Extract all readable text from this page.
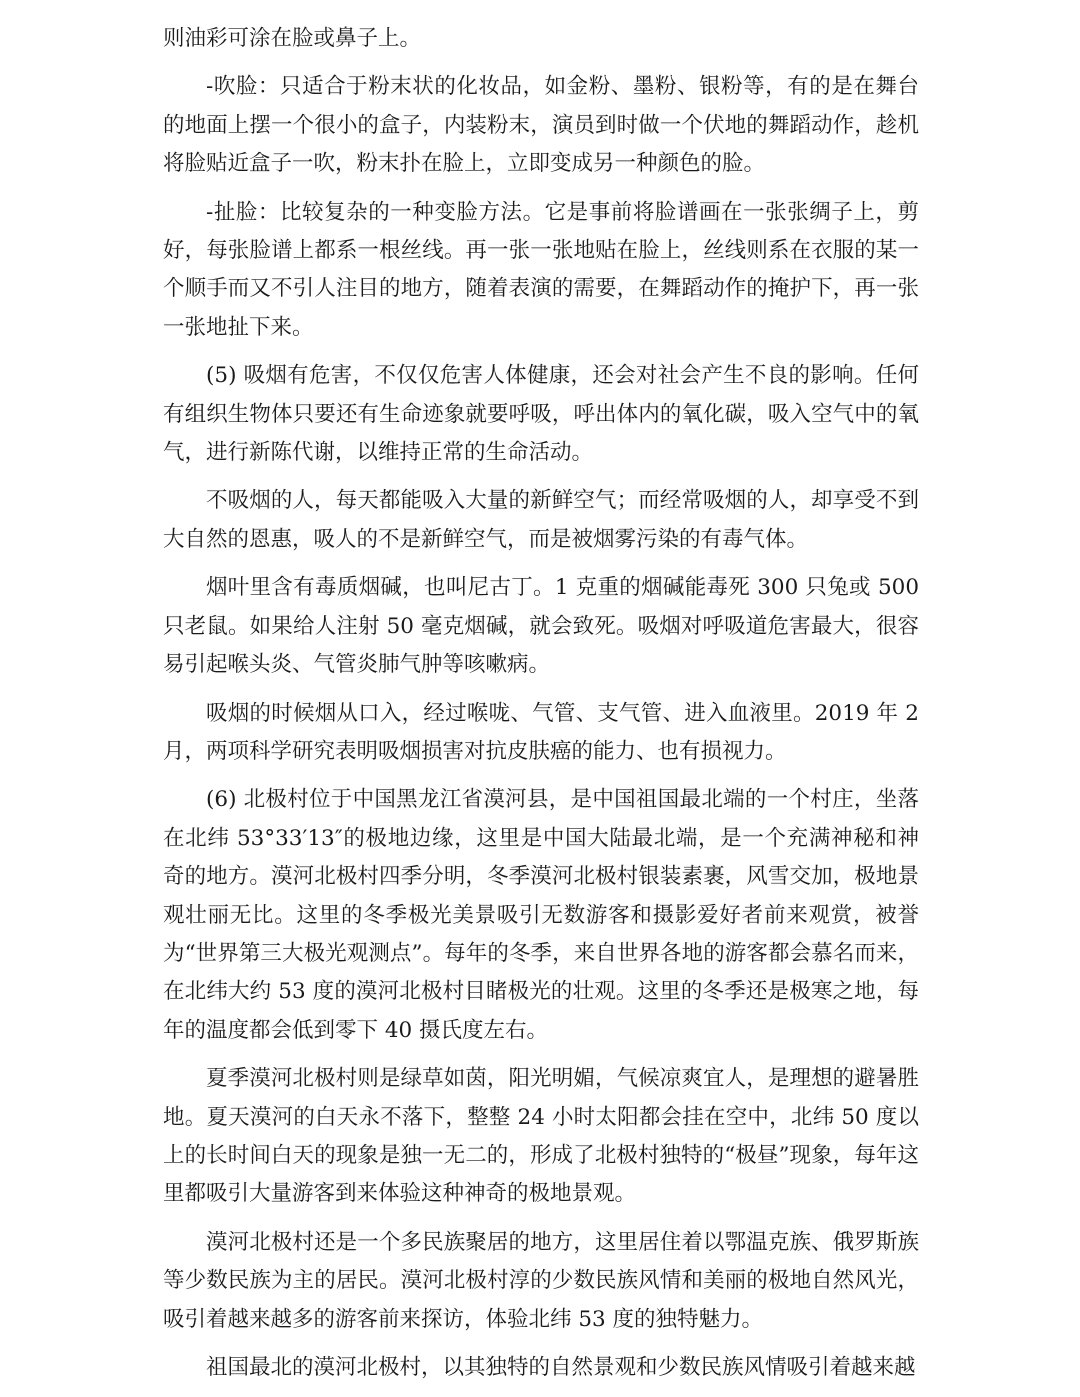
则油彩可涂在脸或鼻子上。

-吹脸：只适合于粉末状的化妆品，如金粉、墨粉、银粉等，有的是在舞台的地面上摆一个很小的盒子，内装粉末，演员到时做一个伏地的舞蹈动作，趁机将脸贴近盒子一吹，粉末扑在脸上，立即变成另一种颜色的脸。

-扯脸：比较复杂的一种变脸方法。它是事前将脸谱画在一张张绸子上，剪好，每张脸谱上都系一根丝线。再一张一张地贴在脸上，丝线则系在衣服的某一个顺手而又不引人注目的地方，随着表演的需要，在舞蹈动作的掩护下，再一张一张地扯下来。

(5) 吸烟有危害，不仅仅危害人体健康，还会对社会产生不良的影响。任何有组织生物体只要还有生命迹象就要呼吸，呼出体内的氧化碳，吸入空气中的氧气，进行新陈代谢，以维持正常的生命活动。

不吸烟的人，每天都能吸入大量的新鲜空气；而经常吸烟的人，却享受不到大自然的恩惠，吸人的不是新鲜空气，而是被烟雾污染的有毒气体。

烟叶里含有毒质烟碱，也叫尼古丁。1 克重的烟碱能毒死 300 只兔或 500 只老鼠。如果给人注射 50 毫克烟碱，就会致死。吸烟对呼吸道危害最大，很容易引起喉头炎、气管炎肺气肿等咳嗽病。

吸烟的时候烟从口入，经过喉咙、气管、支气管、进入血液里。2019 年 2 月，两项科学研究表明吸烟损害对抗皮肤癌的能力、也有损视力。

(6) 北极村位于中国黑龙江省漠河县，是中国祖国最北端的一个村庄，坐落在北纬 53°33′13″的极地边缘，这里是中国大陆最北端，是一个充满神秘和神奇的地方。漠河北极村四季分明，冬季漠河北极村银装素裹，风雪交加，极地景观壮丽无比。这里的冬季极光美景吸引无数游客和摄影爱好者前来观赏，被誉为“世界第三大极光观测点”。每年的冬季，来自世界各地的游客都会慕名而来，在北纬大约 53 度的漠河北极村目睹极光的壮观。这里的冬季还是极寒之地，每年的温度都会低到零下 40 摄氏度左右。

夏季漠河北极村则是绿草如茵，阳光明媚，气候凉爽宜人，是理想的避暑胜地。夏天漠河的白天永不落下，整整 24 小时太阳都会挂在空中，北纬 50 度以上的长时间白天的现象是独一无二的，形成了北极村独特的“极昼”现象，每年这里都吸引大量游客到来体验这种神奇的极地景观。

漠河北极村还是一个多民族聚居的地方，这里居住着以鄂温克族、俄罗斯族等少数民族为主的居民。漠河北极村淳的少数民族风情和美丽的极地自然风光，吸引着越来越多的游客前来探访，体验北纬 53 度的独特魅力。

祖国最北的漠河北极村，以其独特的自然景观和少数民族风情吸引着越来越
